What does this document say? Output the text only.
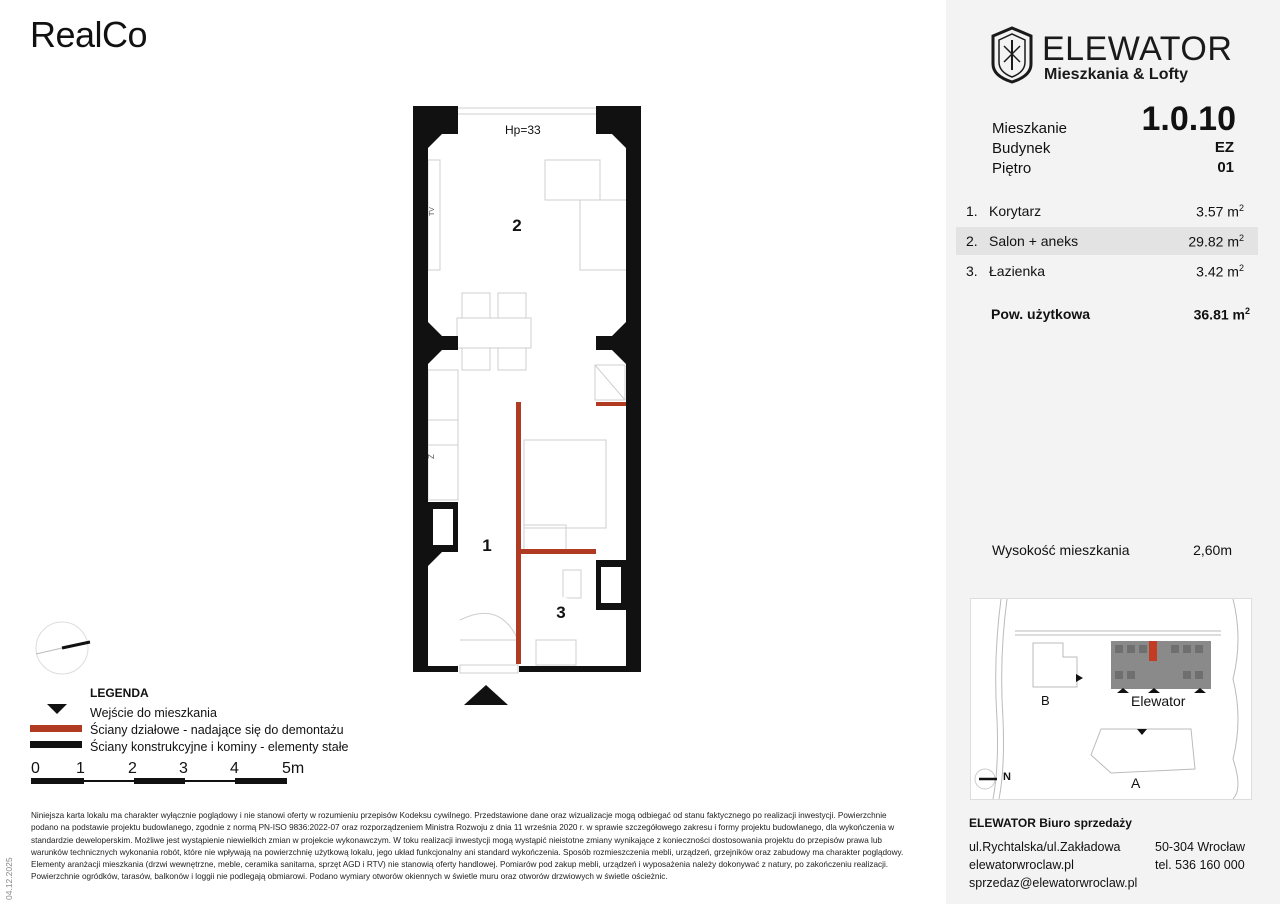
RealCo
2
1
3
Hp=33
TV
Z
LEGENDA
Wejście do mieszkania
Ściany działowe - nadające się do demontażu
Ściany konstrukcyjne i kominy - elementy stałe
0 1	2	3	4	5m
Niniejsza karta lokalu ma charakter wyłącznie poglądowy i nie stanowi oferty w rozumieniu przepisów Kodeksu cywilnego. Przedstawione dane oraz wizualizacje mogą odbiegać od stanu faktycznego po realizacji inwestycji. Powierzchnie podano na podstawie projektu budowlanego, zgodnie z normą PN-ISO 9836:2022-07 oraz rozporządzeniem Ministra Rozwoju z dnia 11 września 2020 r. w sprawie szczegółowego zakresu i formy projektu budowlanego, dla wykończenia w standardzie deweloperskim. Możliwe jest wystąpienie niewielkich zmian w projekcie wykonawczym. W toku realizacji inwestycji mogą wystąpić nieistotne zmiany wynikające z konieczności dostosowania projektu do przepisów prawa lub warunków technicznych wykonania robót, które nie wpływają na powierzchnię użytkową lokalu, jego układ funkcjonalny ani standard wykończenia. Sposób rozmieszczenia mebli, urządzeń, grzejników oraz zabudowy ma charakter poglądowy. Elementy aranżacji mieszkania (drzwi wewnętrzne, meble, ceramika sanitarna, sprzęt AGD i RTV) nie stanowią oferty handlowej. Pomiarów pod zakup mebli, urządzeń i wyposażenia należy dokonywać z natury, po zakończeniu realizacji. Powierzchnie ogródków, tarasów, balkonów i loggii nie podlegają obmiarowi. Podano wymiary otworów okiennych w świetle muru oraz otworów drzwiowych w świetle ościeżnic.
04.12.2025
ELEWATOR
Mieszkania & Lofty
Mieszkanie 1.0.10
Budynek	EZ
Piętro	01
1. Korytarz	3.57 $m^2$
2. Salon + aneks	29.82 $m^2$
3. Łazienka	3.42 $m^2$
Pow. użytkowa	36.81 $m^2$
Wysokość mieszkania	2,60m
B	Elewator
A
N
ELEWATOR Biuro sprzedaży
ul.Rychtalska/ul.Zakładowa	50-304 Wrocław
elewatorwroclaw.pl	tel. 536 160 000
sprzedaz@elewatorwroclaw.pl
